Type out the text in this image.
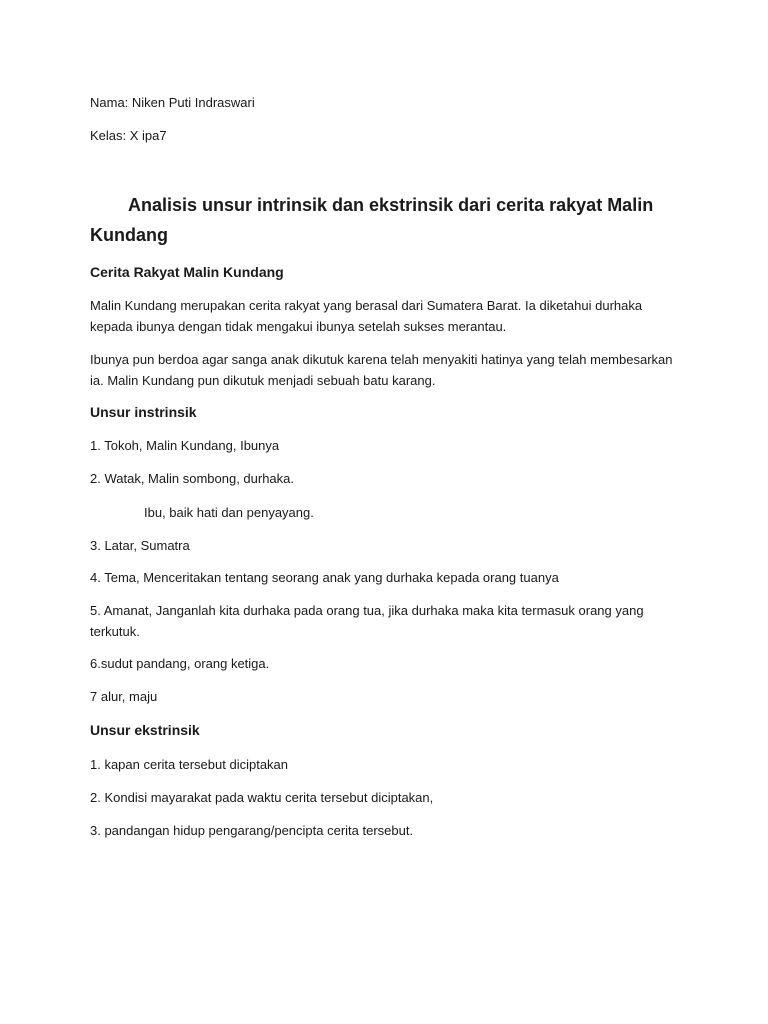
Nama: Niken Puti Indraswari
Kelas: X ipa7
Analisis unsur intrinsik dan ekstrinsik dari cerita rakyat Malin Kundang
Cerita Rakyat Malin Kundang
Malin Kundang merupakan cerita rakyat yang berasal dari Sumatera Barat. Ia diketahui durhaka kepada ibunya dengan tidak mengakui ibunya setelah sukses merantau.
Ibunya pun berdoa agar sanga anak dikutuk karena telah menyakiti hatinya yang telah membesarkan ia. Malin Kundang pun dikutuk menjadi sebuah batu karang.
Unsur instrinsik
1. Tokoh, Malin Kundang, Ibunya
2. Watak, Malin sombong, durhaka.
Ibu, baik hati dan penyayang.
3. Latar, Sumatra
4. Tema, Menceritakan tentang seorang anak yang durhaka kepada orang tuanya
5. Amanat, Janganlah kita durhaka pada orang tua, jika durhaka maka kita termasuk orang yang terkutuk.
6.sudut pandang, orang ketiga.
7 alur, maju
Unsur ekstrinsik
1. kapan cerita tersebut diciptakan
2. Kondisi mayarakat pada waktu cerita tersebut diciptakan,
3. pandangan hidup pengarang/pencipta cerita tersebut.
